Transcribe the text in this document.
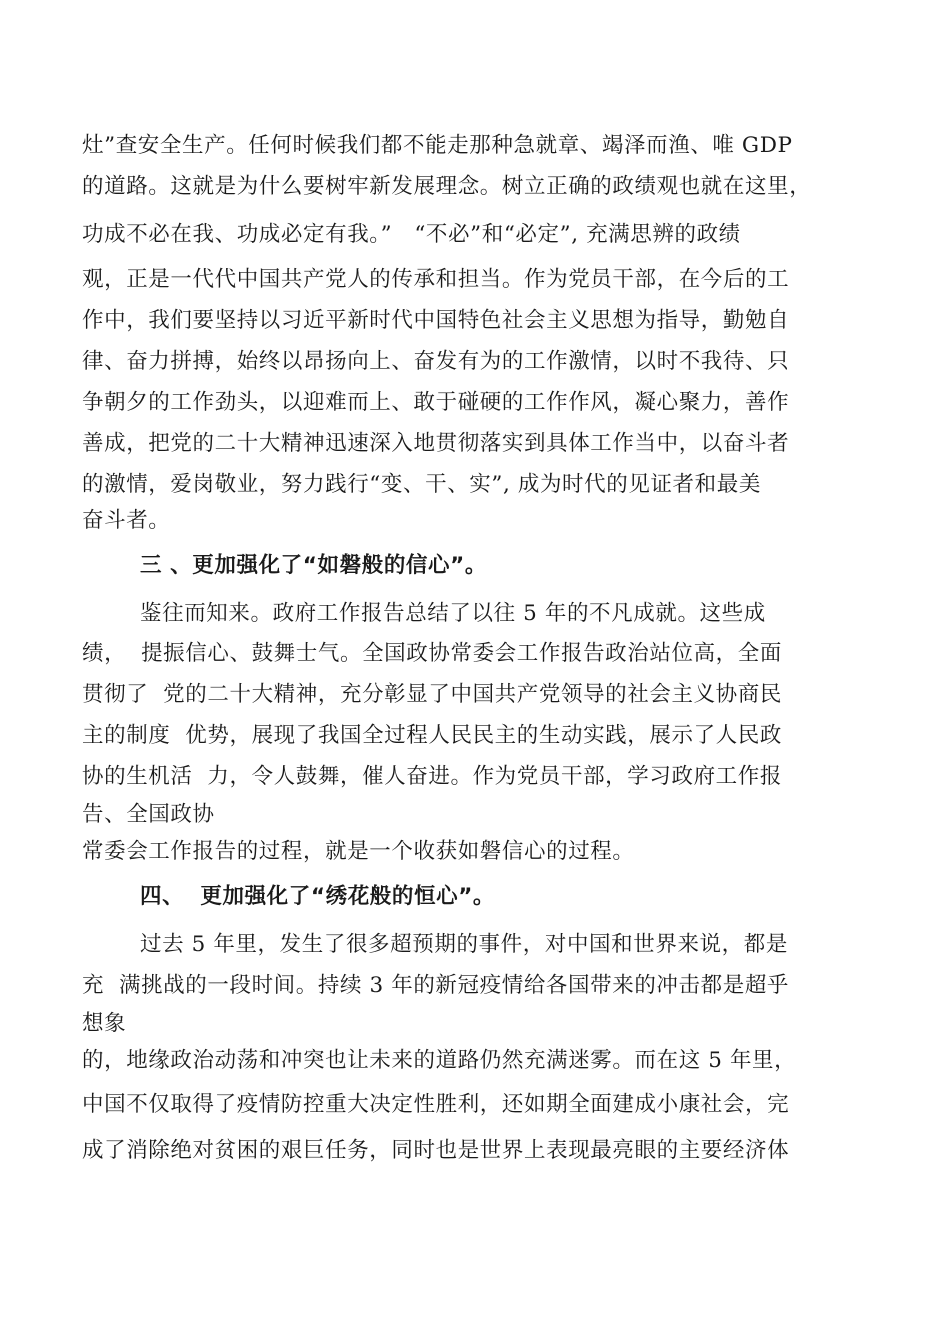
灶”查安全生产。任何时候我们都不能走那种急就章、竭泽而渔、唯 GDP
的道路。这就是为什么要树牢新发展理念。树立正确的政绩观也就在这里，
功成不必在我、功成必定有我。”　“不必”和“必定”, 充满思辨的政绩
观，正是一代代中国共产党人的传承和担当。作为党员干部，在今后的工
作中，我们要坚持以习近平新时代中国特色社会主义思想为指导，勤勉自
律、奋力拼搏，始终以昂扬向上、奋发有为的工作激情，以时不我待、只
争朝夕的工作劲头，以迎难而上、敢于碰硬的工作作风，凝心聚力，善作
善成，把党的二十大精神迅速深入地贯彻落实到具体工作当中，以奋斗者
的激情，爱岗敬业，努力践行“变、干、实”, 成为时代的见证者和最美
奋斗者。
三 、更加强化了“如磐般的信心”。
鉴往而知来。政府工作报告总结了以往 5 年的不凡成就。这些成
绩，  提振信心、鼓舞士气。全国政协常委会工作报告政治站位高，全面
贯彻了  党的二十大精神，充分彰显了中国共产党领导的社会主义协商民
主的制度  优势，展现了我国全过程人民民主的生动实践，展示了人民政
协的生机活  力，令人鼓舞，催人奋进。作为党员干部，学习政府工作报
告、全国政协
常委会工作报告的过程，就是一个收获如磐信心的过程。
四、  更加强化了“绣花般的恒心”。
过去 5 年里，发生了很多超预期的事件，对中国和世界来说，都是
充  满挑战的一段时间。持续 3 年的新冠疫情给各国带来的冲击都是超乎
想象
的，地缘政治动荡和冲突也让未来的道路仍然充满迷雾。而在这 5 年里，
中国不仅取得了疫情防控重大决定性胜利，还如期全面建成小康社会，完
成了消除绝对贫困的艰巨任务，同时也是世界上表现最亮眼的主要经济体
